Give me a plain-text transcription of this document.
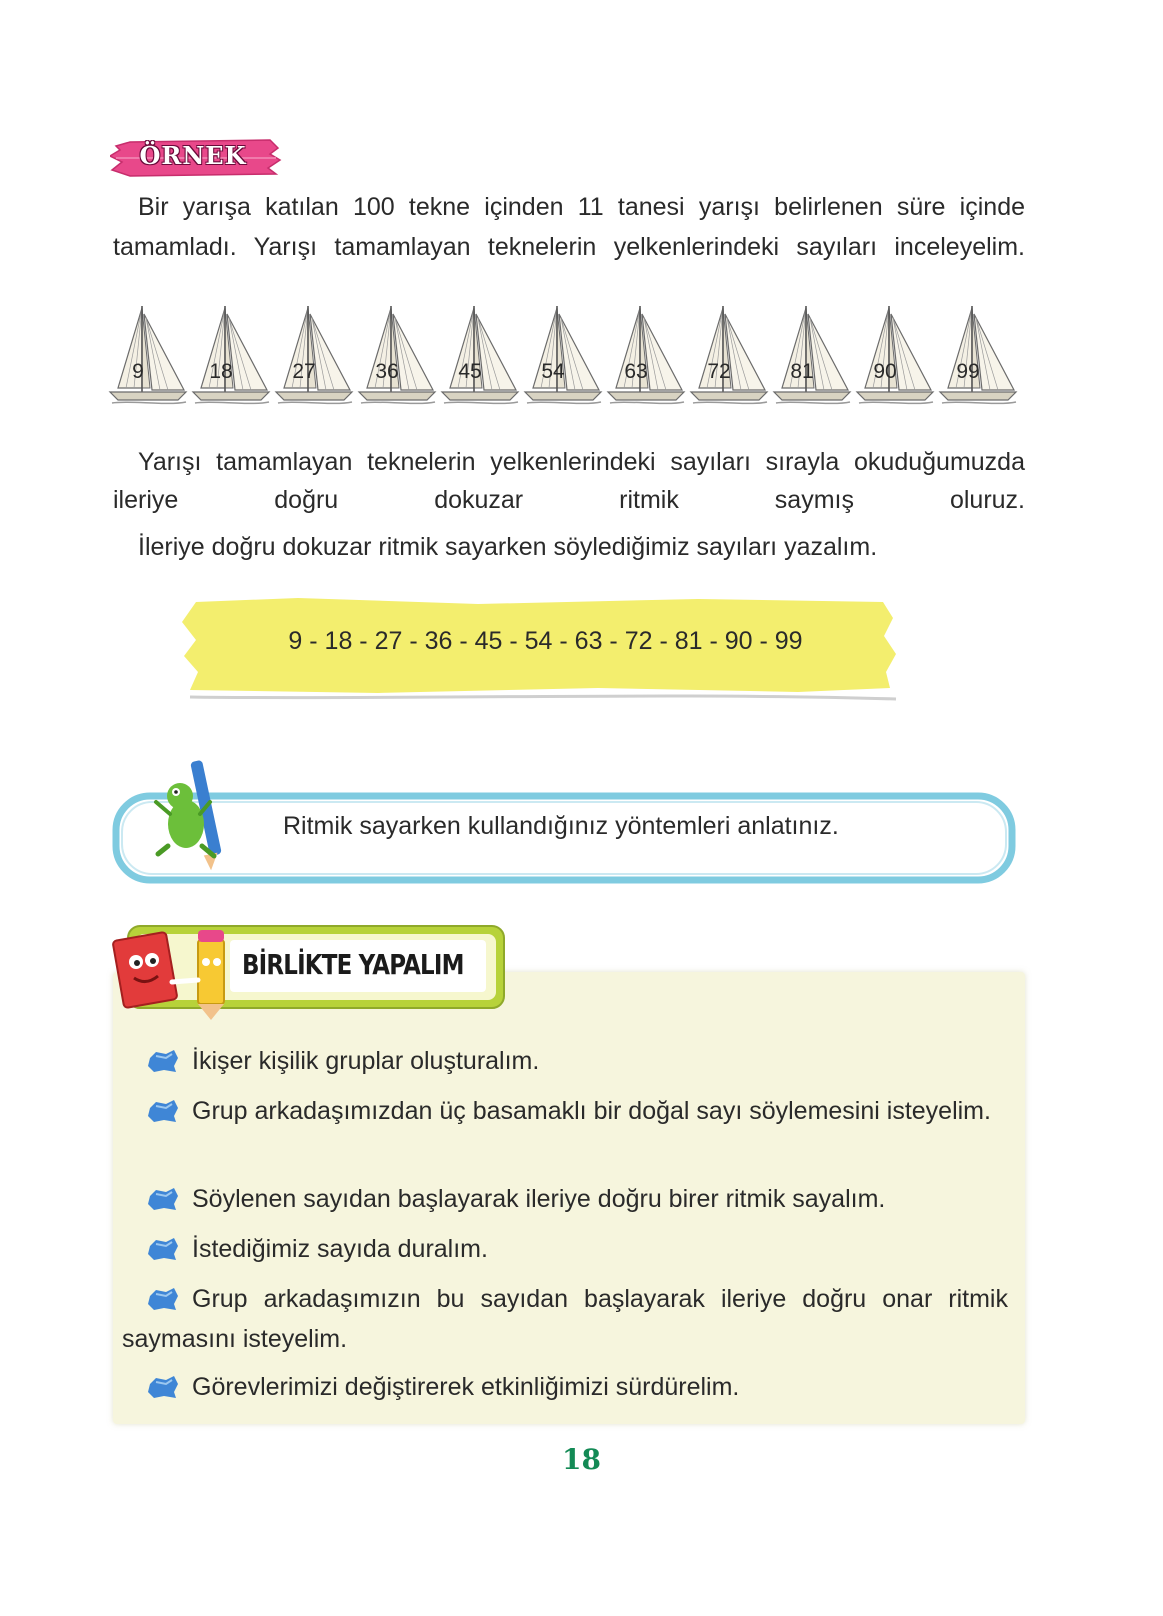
ÖRNEK
Bir yarışa katılan 100 tekne içinden 11 tanesi yarışı belirlenen süre içinde tamamladı. Yarışı tamamlayan teknelerin yelkenlerindeki sayıları inceleyelim.
9	18	27	36	45	54	63	72	81	90	99
Yarışı tamamlayan teknelerin yelkenlerindeki sayıları sırayla okuduğumuzda ileriye doğru dokuzar ritmik saymış oluruz.
İleriye doğru dokuzar ritmik sayarken söylediğimiz sayıları yazalım.
9 - 18 - 27 - 36 - 45 - 54 - 63 - 72 - 81 - 90 - 99
Ritmik sayarken kullandığınız yöntemleri anlatınız.
BİRLİKTE YAPALIM
İkişer kişilik gruplar oluşturalım.
Grup arkadaşımızdan üç basamaklı bir doğal sayı söylemesini isteyelim.
Söylenen sayıdan başlayarak ileriye doğru birer ritmik sayalım.
İstediğimiz sayıda duralım.
Grup arkadaşımızın bu sayıdan başlayarak ileriye doğru onar ritmik saymasını isteyelim.
Görevlerimizi değiştirerek etkinliğimizi sürdürelim.
18
